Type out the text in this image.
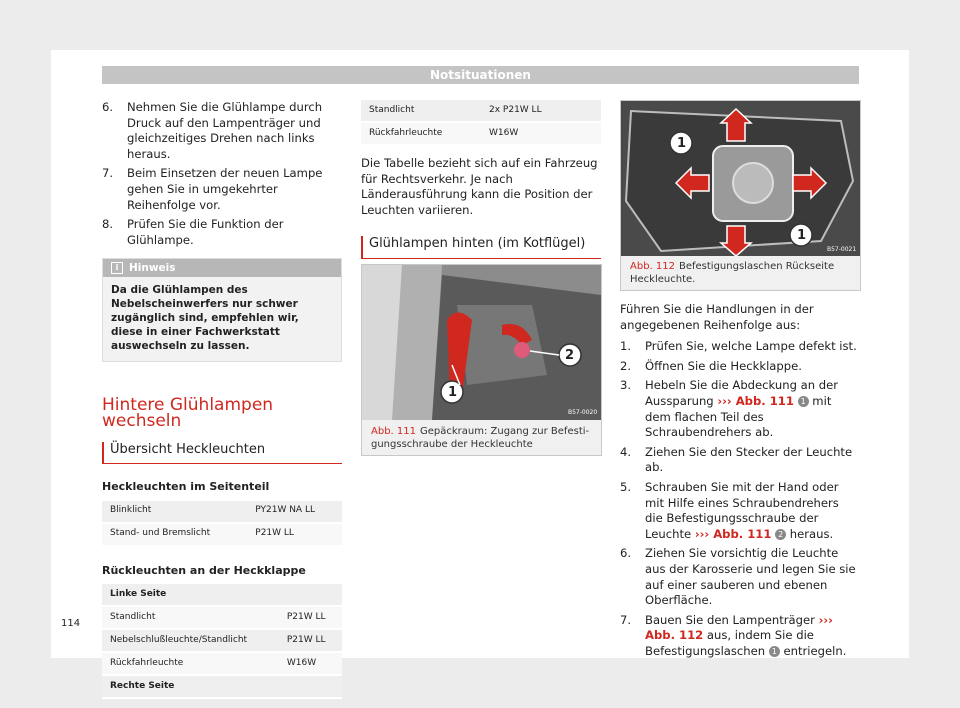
Notsituationen
6. Nehmen Sie die Glühlampe durch Druck auf den Lampenträger und gleichzeitiges Drehen nach links heraus.
7. Beim Einsetzen der neuen Lampe gehen Sie in umgekehrter Reihenfolge vor.
8. Prüfen Sie die Funktion der Glühlampe.
i Hinweis
Da die Glühlampen des Nebelscheinwerfers nur schwer zugänglich sind, empfehlen wir, diese in einer Fachwerkstatt auswechseln zu lassen.
Hintere Glühlampen wechseln
Übersicht Heckleuchten
Heckleuchten im Seitenteil
Blinklicht	PY21W NA LL
Stand- und Bremslicht	P21W LL
Rückleuchten an der Heckklappe
Linke Seite	
Standlicht	P21W LL
Nebelschlußleuchte/Standlicht	P21W LL
Rückfahrleuchte	W16W
Rechte Seite	
Standlicht	2x P21W LL
Rückfahrleuchte	W16W
Die Tabelle bezieht sich auf ein Fahrzeug für Rechtsverkehr. Je nach Länderausführung kann die Position der Leuchten variieren.
Glühlampen hinten (im Kotflügel)
2
1
B57-0020
Abb. 111 Gepäckraum: Zugang zur Befestigungsschraube der Heckleuchte
1
1
B57-0021
Abb. 112 Befestigungslaschen Rückseite Heckleuchte.
Führen Sie die Handlungen in der angegebenen Reihenfolge aus:
1. Prüfen Sie, welche Lampe defekt ist.
2. Öffnen Sie die Heckklappe.
3. Hebeln Sie die Abdeckung an der Aussparung ››› Abb. 111 1 mit dem flachen Teil des Schraubendrehers ab.
4. Ziehen Sie den Stecker der Leuchte ab.
5. Schrauben Sie mit der Hand oder mit Hilfe eines Schraubendrehers die Befestigungsschraube der Leuchte ››› Abb. 111 2 heraus.
6. Ziehen Sie vorsichtig die Leuchte aus der Karosserie und legen Sie sie auf einer sauberen und ebenen Oberfläche.
7. Bauen Sie den Lampenträger ››› Abb. 112 aus, indem Sie die Befestigungslaschen 1 entriegeln.
114
